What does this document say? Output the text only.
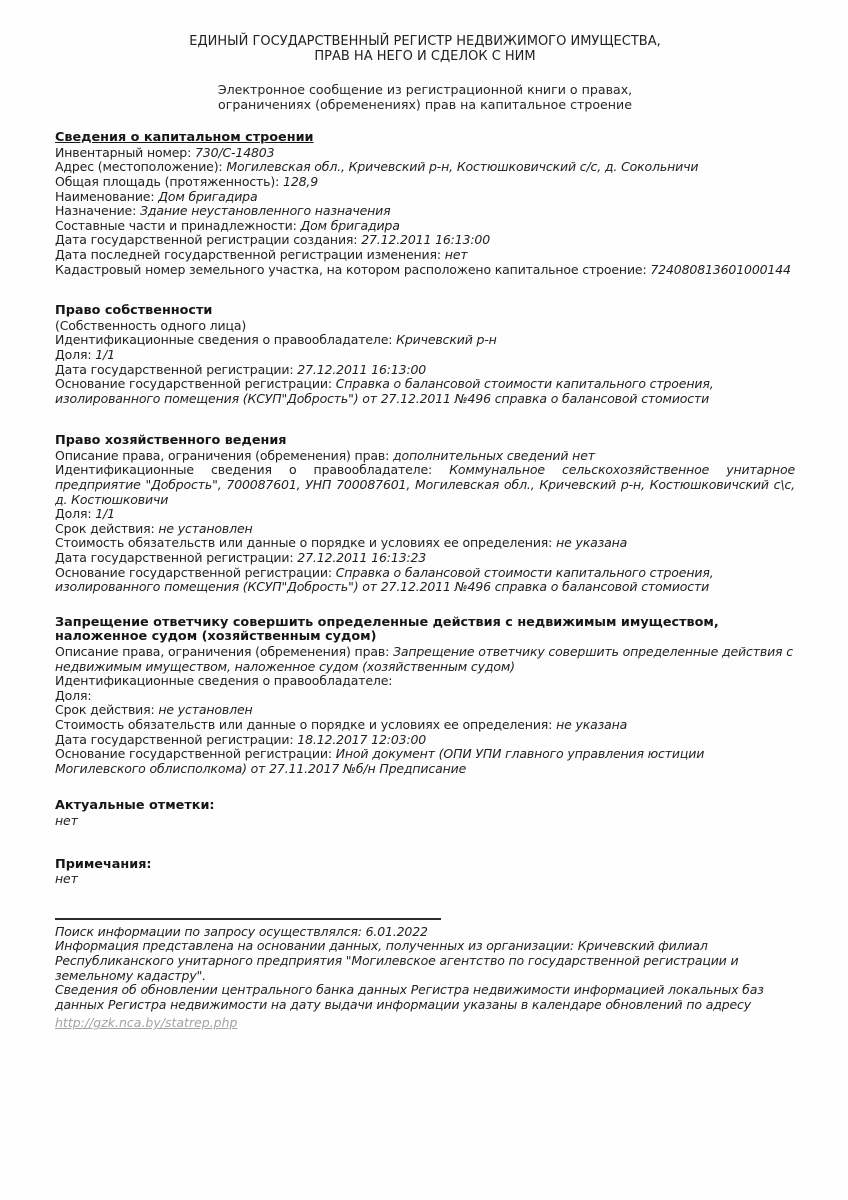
ЕДИНЫЙ ГОСУДАРСТВЕННЫЙ РЕГИСТР НЕДВИЖИМОГО ИМУЩЕСТВА,
ПРАВ НА НЕГО И СДЕЛОК С НИМ
Электронное сообщение из регистрационной книги о правах,
ограничениях (обременениях) прав на капитальное строение
Сведения о капитальном строении
Инвентарный номер: 730/С-14803
Адрес (местоположение): Могилевская обл., Кричевский р-н, Костюшковичский с/с, д. Сокольничи
Общая площадь (протяженность): 128,9
Наименование: Дом бригадира
Назначение: Здание неустановленного назначения
Составные части и принадлежности: Дом бригадира
Дата государственной регистрации создания: 27.12.2011 16:13:00
Дата последней государственной регистрации изменения: нет
Кадастровый номер земельного участка, на котором расположено капитальное строение: 724080813601000144
Право собственности
(Собственность одного лица)
Идентификационные сведения о правообладателе: Кричевский р-н
Доля: 1/1
Дата государственной регистрации: 27.12.2011 16:13:00
Основание государственной регистрации: Справка о балансовой стоимости капитального строения, изолированного помещения (КСУП"Добрость") от 27.12.2011 №496 справка о балансовой стомиости
Право хозяйственного ведения
Описание права, ограничения (обременения) прав: дополнительных сведений нет
Идентификационные сведения о правообладателе: Коммунальное сельскохозяйственное унитарное предприятие "Добрость", 700087601, УНП 700087601, Могилевская обл., Кричевский р-н, Костюшковичский с\с, д. Костюшковичи
Доля: 1/1
Срок действия: не установлен
Стоимость обязательств или данные о порядке и условиях ее определения: не указана
Дата государственной регистрации: 27.12.2011 16:13:23
Основание государственной регистрации: Справка о балансовой стоимости капитального строения, изолированного помещения (КСУП"Добрость") от 27.12.2011 №496 справка о балансовой стомиости
Запрещение ответчику совершить определенные действия с недвижимым имуществом, наложенное судом (хозяйственным судом)
Описание права, ограничения (обременения) прав: Запрещение ответчику совершить определенные действия с недвижимым имуществом, наложенное судом (хозяйственным судом)
Идентификационные сведения о правообладателе:
Доля:
Срок действия: не установлен
Стоимость обязательств или данные о порядке и условиях ее определения: не указана
Дата государственной регистрации: 18.12.2017 12:03:00
Основание государственной регистрации: Иной документ (ОПИ УПИ главного управления юстиции Могилевского облисполкома) от 27.11.2017 №б/н Предписание
Актуальные отметки:
нет
Примечания:
нет
Поиск информации по запросу осуществлялся: 6.01.2022
Информация представлена на основании данных, полученных из организации: Кричевский филиал Республиканского унитарного предприятия "Могилевское агентство по государственной регистрации и земельному кадастру".
Сведения об обновлении центрального банка данных Регистра недвижимости информацией локальных баз данных Регистра недвижимости на дату выдачи информации указаны в календаре обновлений по адресу
http://gzk.nca.by/statrep.php
